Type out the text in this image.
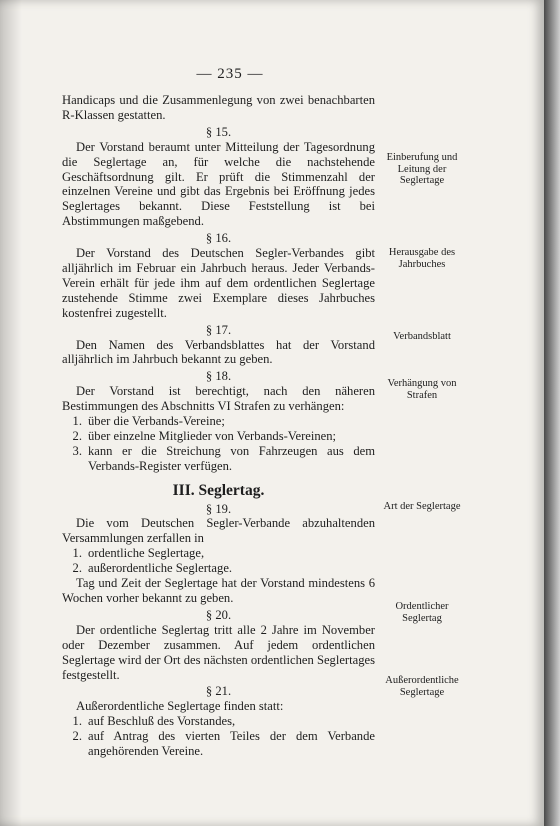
— 235 —
Handicaps und die Zusammenlegung von zwei benachbarten R-Klassen gestatten.
§ 15.
Der Vorstand beraumt unter Mitteilung der Tagesordnung die Seglertage an, für welche die nachstehende Geschäftsordnung gilt. Er prüft die Stimmenzahl der einzelnen Vereine und gibt das Ergebnis bei Eröffnung jedes Seglertages bekannt. Diese Feststellung ist bei Abstimmungen maßgebend.
§ 16.
Der Vorstand des Deutschen Segler-Verbandes gibt alljährlich im Februar ein Jahrbuch heraus. Jeder Verbands-Verein erhält für jede ihm auf dem ordentlichen Seglertage zustehende Stimme zwei Exemplare dieses Jahrbuches kostenfrei zugestellt.
§ 17.
Den Namen des Verbandsblattes hat der Vorstand alljährlich im Jahrbuch bekannt zu geben.
§ 18.
Der Vorstand ist berechtigt, nach den näheren Bestimmungen des Abschnitts VI Strafen zu verhängen:
1. über die Verbands-Vereine;
2. über einzelne Mitglieder von Verbands-Vereinen;
3. kann er die Streichung von Fahrzeugen aus dem Verbands-Register verfügen.
III. Seglertag.
§ 19.
Die vom Deutschen Segler-Verbande abzuhaltenden Versammlungen zerfallen in
1. ordentliche Seglertage,
2. außerordentliche Seglertage.
Tag und Zeit der Seglertage hat der Vorstand mindestens 6 Wochen vorher bekannt zu geben.
§ 20.
Der ordentliche Seglertag tritt alle 2 Jahre im November oder Dezember zusammen. Auf jedem ordentlichen Seglertage wird der Ort des nächsten ordentlichen Seglertages festgestellt.
§ 21.
Außerordentliche Seglertage finden statt:
1. auf Beschluß des Vorstandes,
2. auf Antrag des vierten Teiles der dem Verbande angehörenden Vereine.
Einberufung und Leitung der Seglertage
Herausgabe des Jahrbuches
Verbandsblatt
Verhängung von Strafen
Art der Seglertage
Ordentlicher Seglertag
Außerordentliche Seglertage
